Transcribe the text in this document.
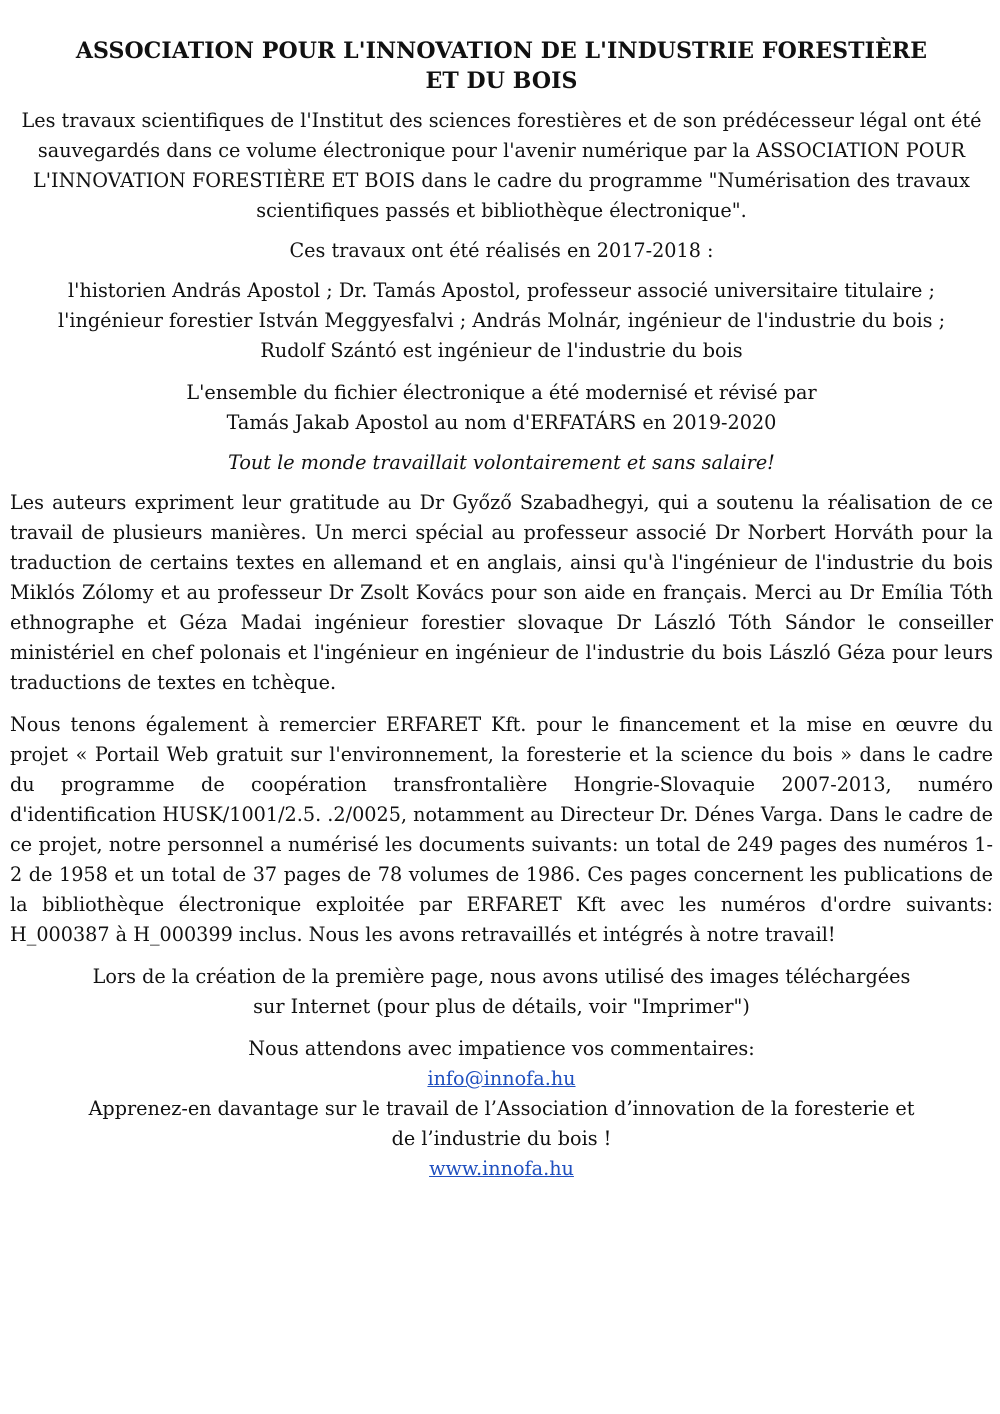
ASSOCIATION POUR L'INNOVATION DE L'INDUSTRIE FORESTIÈRE
ET DU BOIS

Les travaux scientifiques de l'Institut des sciences forestières et de son prédécesseur légal ont été sauvegardés dans ce volume électronique pour l'avenir numérique par la ASSOCIATION POUR L'INNOVATION FORESTIÈRE ET BOIS dans le cadre du programme "Numérisation des travaux scientifiques passés et bibliothèque électronique".

Ces travaux ont été réalisés en 2017-2018 :

l'historien András Apostol ; Dr. Tamás Apostol, professeur associé universitaire titulaire ; l'ingénieur forestier István Meggyesfalvi ; András Molnár, ingénieur de l'industrie du bois ; Rudolf Szántó est ingénieur de l'industrie du bois

L'ensemble du fichier électronique a été modernisé et révisé par
Tamás Jakab Apostol au nom d'ERFATÁRS en 2019-2020

Tout le monde travaillait volontairement et sans salaire!

Les auteurs expriment leur gratitude au Dr Győző Szabadhegyi, qui a soutenu la réalisation de ce travail de plusieurs manières. Un merci spécial au professeur associé Dr Norbert Horváth pour la traduction de certains textes en allemand et en anglais, ainsi qu'à l'ingénieur de l'industrie du bois Miklós Zólomy et au professeur Dr Zsolt Kovács pour son aide en français. Merci au Dr Emília Tóth ethnographe et Géza Madai ingénieur forestier slovaque Dr László Tóth Sándor le conseiller ministériel en chef polonais et l'ingénieur en ingénieur de l'industrie du bois László Géza pour leurs traductions de textes en tchèque.

Nous tenons également à remercier ERFARET Kft. pour le financement et la mise en œuvre du projet « Portail Web gratuit sur l'environnement, la foresterie et la science du bois » dans le cadre du programme de coopération transfrontalière Hongrie-Slovaquie 2007-2013, numéro d'identification HUSK/1001/2.5. .2/0025, notamment au Directeur Dr. Dénes Varga. Dans le cadre de ce projet, notre personnel a numérisé les documents suivants: un total de 249 pages des numéros 1-2 de 1958 et un total de 37 pages de 78 volumes de 1986. Ces pages concernent les publications de la bibliothèque électronique exploitée par ERFARET Kft avec les numéros d'ordre suivants: H_000387 à H_000399 inclus. Nous les avons retravaillés et intégrés à notre travail!

Lors de la création de la première page, nous avons utilisé des images téléchargées
sur Internet (pour plus de détails, voir "Imprimer")

Nous attendons avec impatience vos commentaires:
info@innofa.hu
Apprenez-en davantage sur le travail de l’Association d’innovation de la foresterie et
de l’industrie du bois !
www.innofa.hu
